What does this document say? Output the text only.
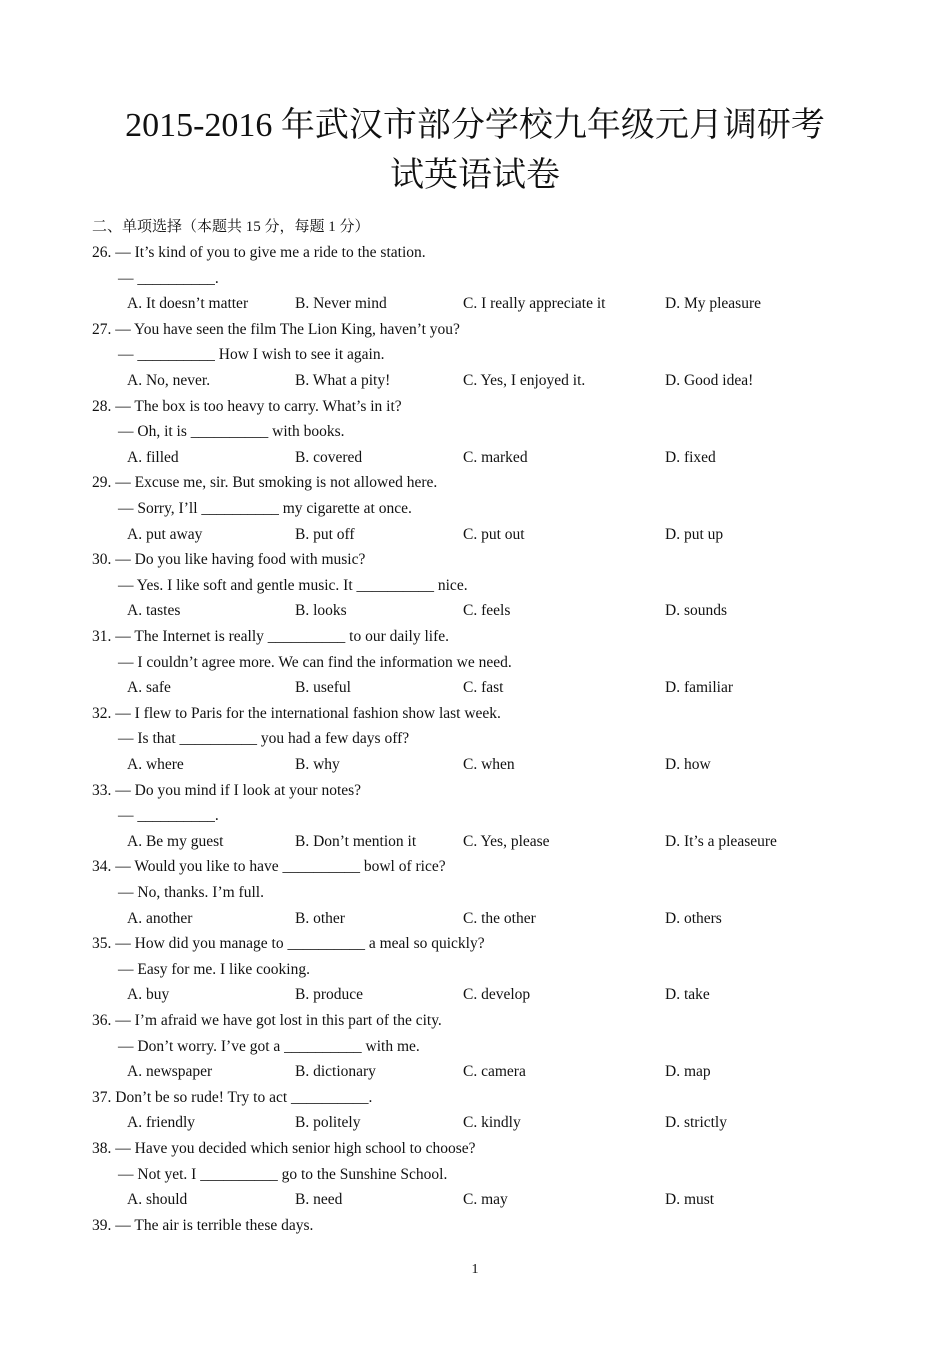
2015-2016 年武汉市部分学校九年级元月调研考
试英语试卷
二、单项选择（本题共 15 分，每题 1 分）
26. — It’s kind of you to give me a ride to the station.
— __________.
A. It doesn’t matter	B. Never mind	C. I really appreciate it	D. My pleasure
27. — You have seen the film The Lion King, haven’t you?
— __________ How I wish to see it again.
A. No, never.	B. What a pity!	C. Yes, I enjoyed it.	D. Good idea!
28. — The box is too heavy to carry. What’s in it?
— Oh, it is __________ with books.
A. filled	B. covered	C. marked	D. fixed
29. — Excuse me, sir. But smoking is not allowed here.
— Sorry, I’ll __________ my cigarette at once.
A. put away	B. put off	C. put out	D. put up
30. — Do you like having food with music?
— Yes. I like soft and gentle music. It __________ nice.
A. tastes	B. looks	C. feels	D. sounds
31. — The Internet is really __________ to our daily life.
— I couldn’t agree more. We can find the information we need.
A. safe	B. useful	C. fast	D. familiar
32. — I flew to Paris for the international fashion show last week.
— Is that __________ you had a few days off?
A. where	B. why	C. when	D. how
33. — Do you mind if I look at your notes?
— __________.
A. Be my guest	B. Don’t mention it	C. Yes, please	D. It’s a pleaseure
34. — Would you like to have __________ bowl of rice?
— No, thanks. I’m full.
A. another	B. other	C. the other	D. others
35. — How did you manage to __________ a meal so quickly?
— Easy for me. I like cooking.
A. buy	B. produce	C. develop	D. take
36. — I’m afraid we have got lost in this part of the city.
— Don’t worry. I’ve got a __________ with me.
A. newspaper	B. dictionary	C. camera	D. map
37. Don’t be so rude! Try to act __________.
A. friendly	B. politely	C. kindly	D. strictly
38. — Have you decided which senior high school to choose?
— Not yet. I __________ go to the Sunshine School.
A. should	B. need	C. may	D. must
39. — The air is terrible these days.
1
